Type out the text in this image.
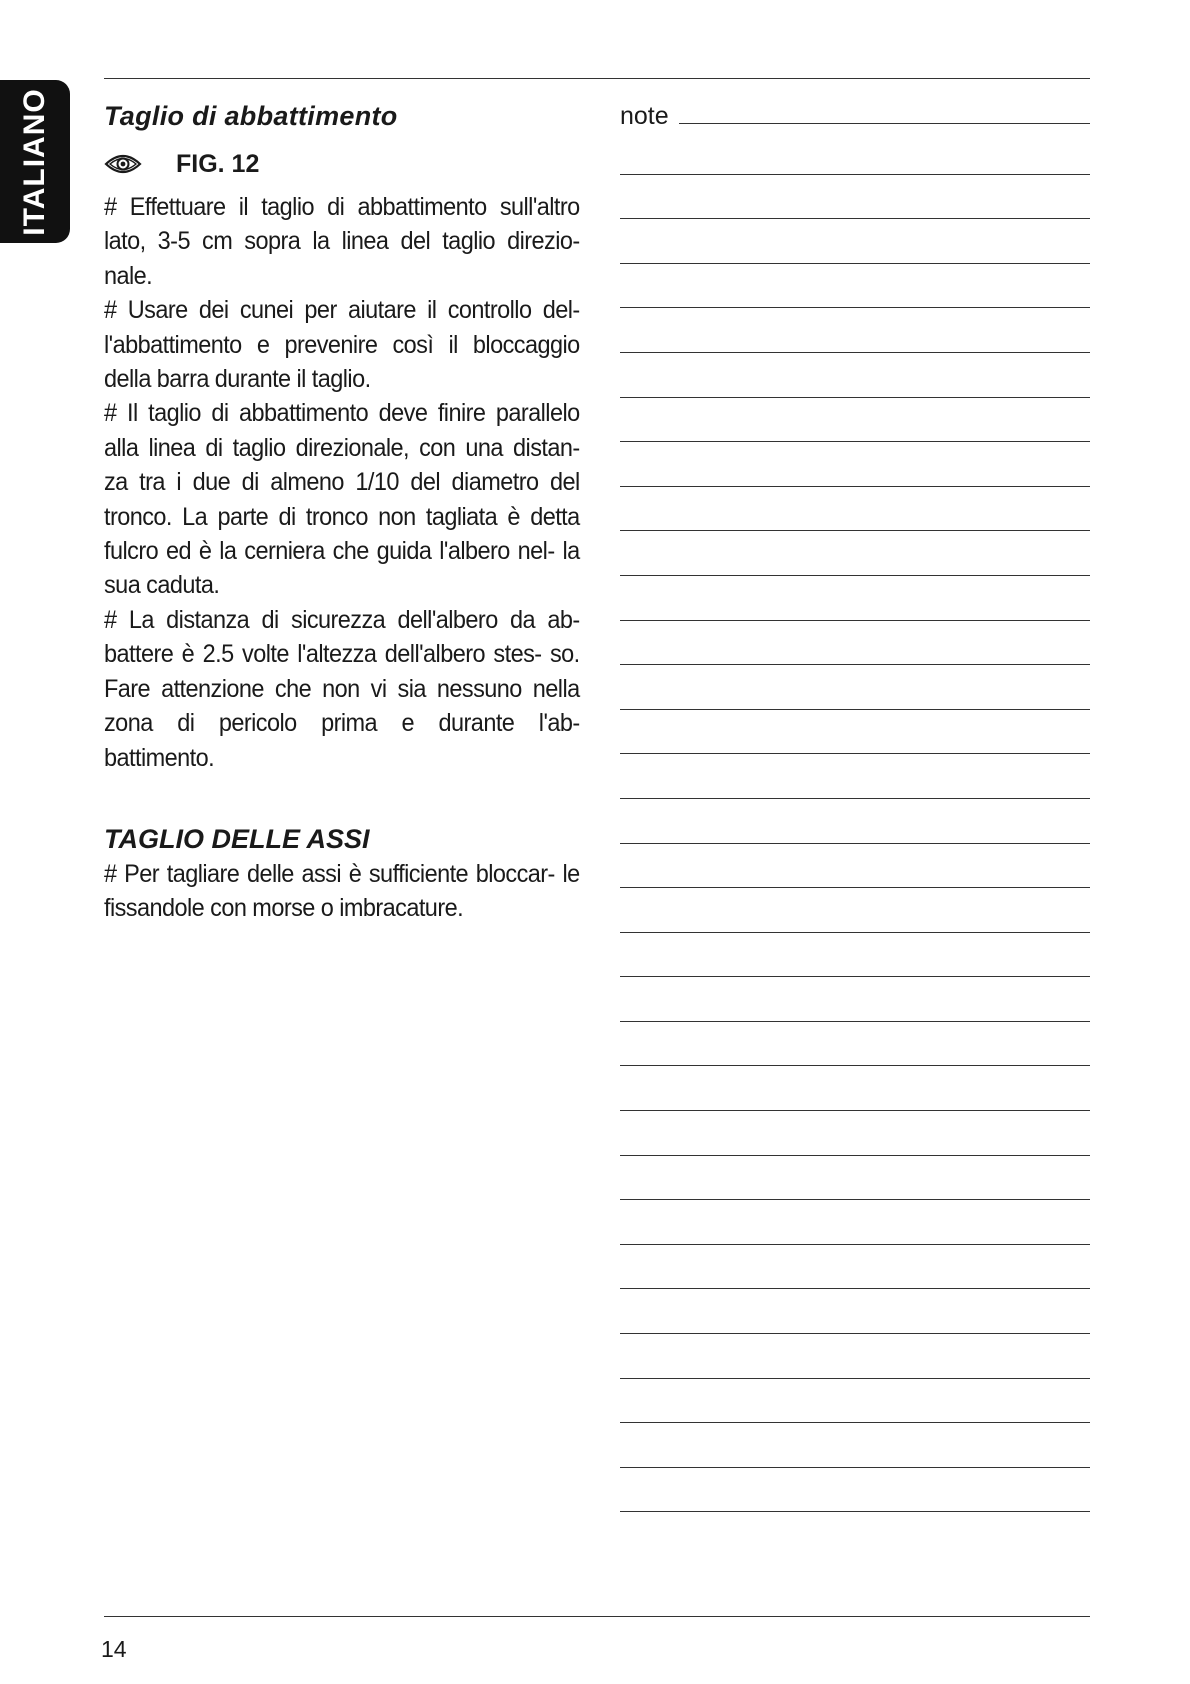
ITALIANO Taglio di abbattimento
FIG. 12

# Effettuare il taglio di abbattimento sull'altro lato, 3-5 cm sopra la linea del taglio direzio- nale.

# Usare dei cunei per aiutare il controllo del- l'abbattimento e prevenire così il bloccaggio della barra durante il taglio.

# Il taglio di abbattimento deve finire parallelo alla linea di taglio direzionale, con una distan- za tra i due di almeno 1/10 del diametro del tronco. La parte di tronco non tagliata è detta fulcro ed è la cerniera che guida l'albero nel- la sua caduta.

# La distanza di sicurezza dell'albero da ab- battere è 2.5 volte l'altezza dell'albero stes- so. Fare attenzione che non vi sia nessuno nella zona di pericolo prima e durante l'ab- battimento.

TAGLIO DELLE ASSI

# Per tagliare delle assi è sufficiente bloccar- le fissandole con morse o imbracature.

note
14
